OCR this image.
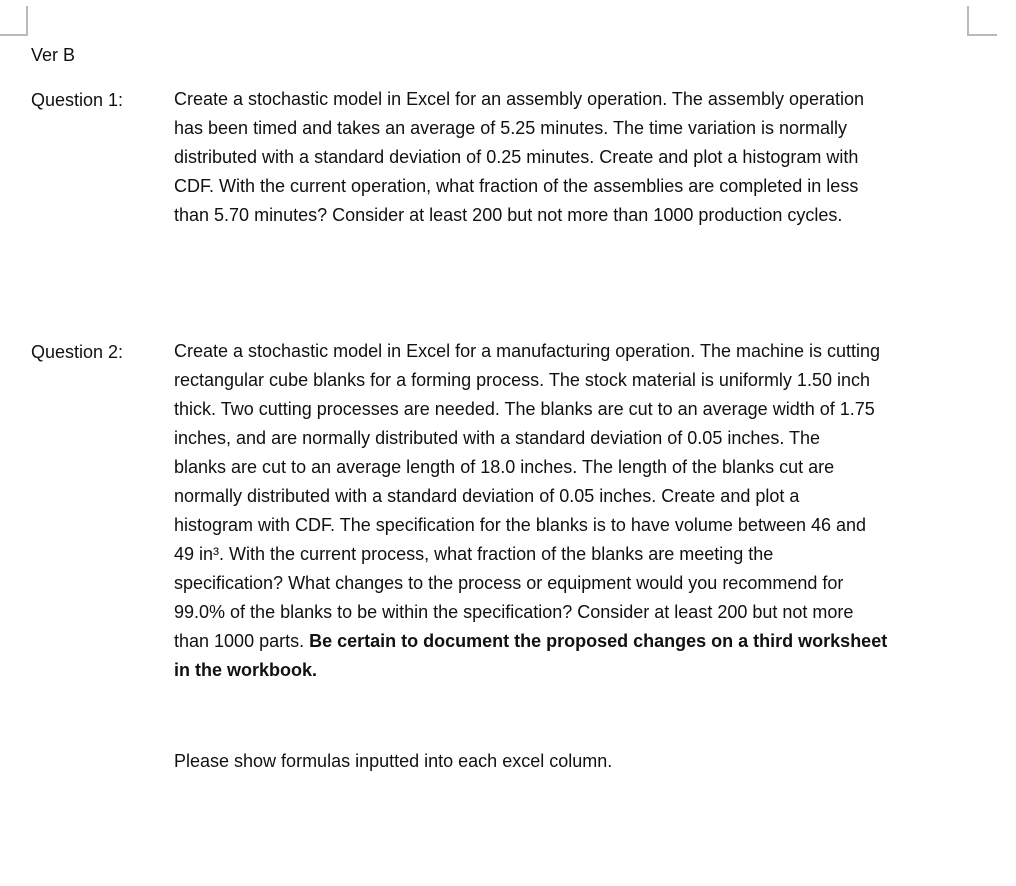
Ver B
Question 1:	Create a stochastic model in Excel for an assembly operation. The assembly operation
has been timed and takes an average of 5.25 minutes. The time variation is normally
distributed with a standard deviation of 0.25 minutes. Create and plot a histogram with
CDF. With the current operation, what fraction of the assemblies are completed in less
than 5.70 minutes? Consider at least 200 but not more than 1000 production cycles.
Question 2:	Create a stochastic model in Excel for a manufacturing operation. The machine is cutting
rectangular cube blanks for a forming process. The stock material is uniformly 1.50 inch
thick. Two cutting processes are needed. The blanks are cut to an average width of 1.75
inches, and are normally distributed with a standard deviation of 0.05 inches. The
blanks are cut to an average length of 18.0 inches. The length of the blanks cut are
normally distributed with a standard deviation of 0.05 inches. Create and plot a
histogram with CDF. The specification for the blanks is to have volume between 46 and
49 in³. With the current process, what fraction of the blanks are meeting the
specification? What changes to the process or equipment would you recommend for
99.0% of the blanks to be within the specification? Consider at least 200 but not more
than 1000 parts. Be certain to document the proposed changes on a third worksheet
in the workbook.
Please show formulas inputted into each excel column.
